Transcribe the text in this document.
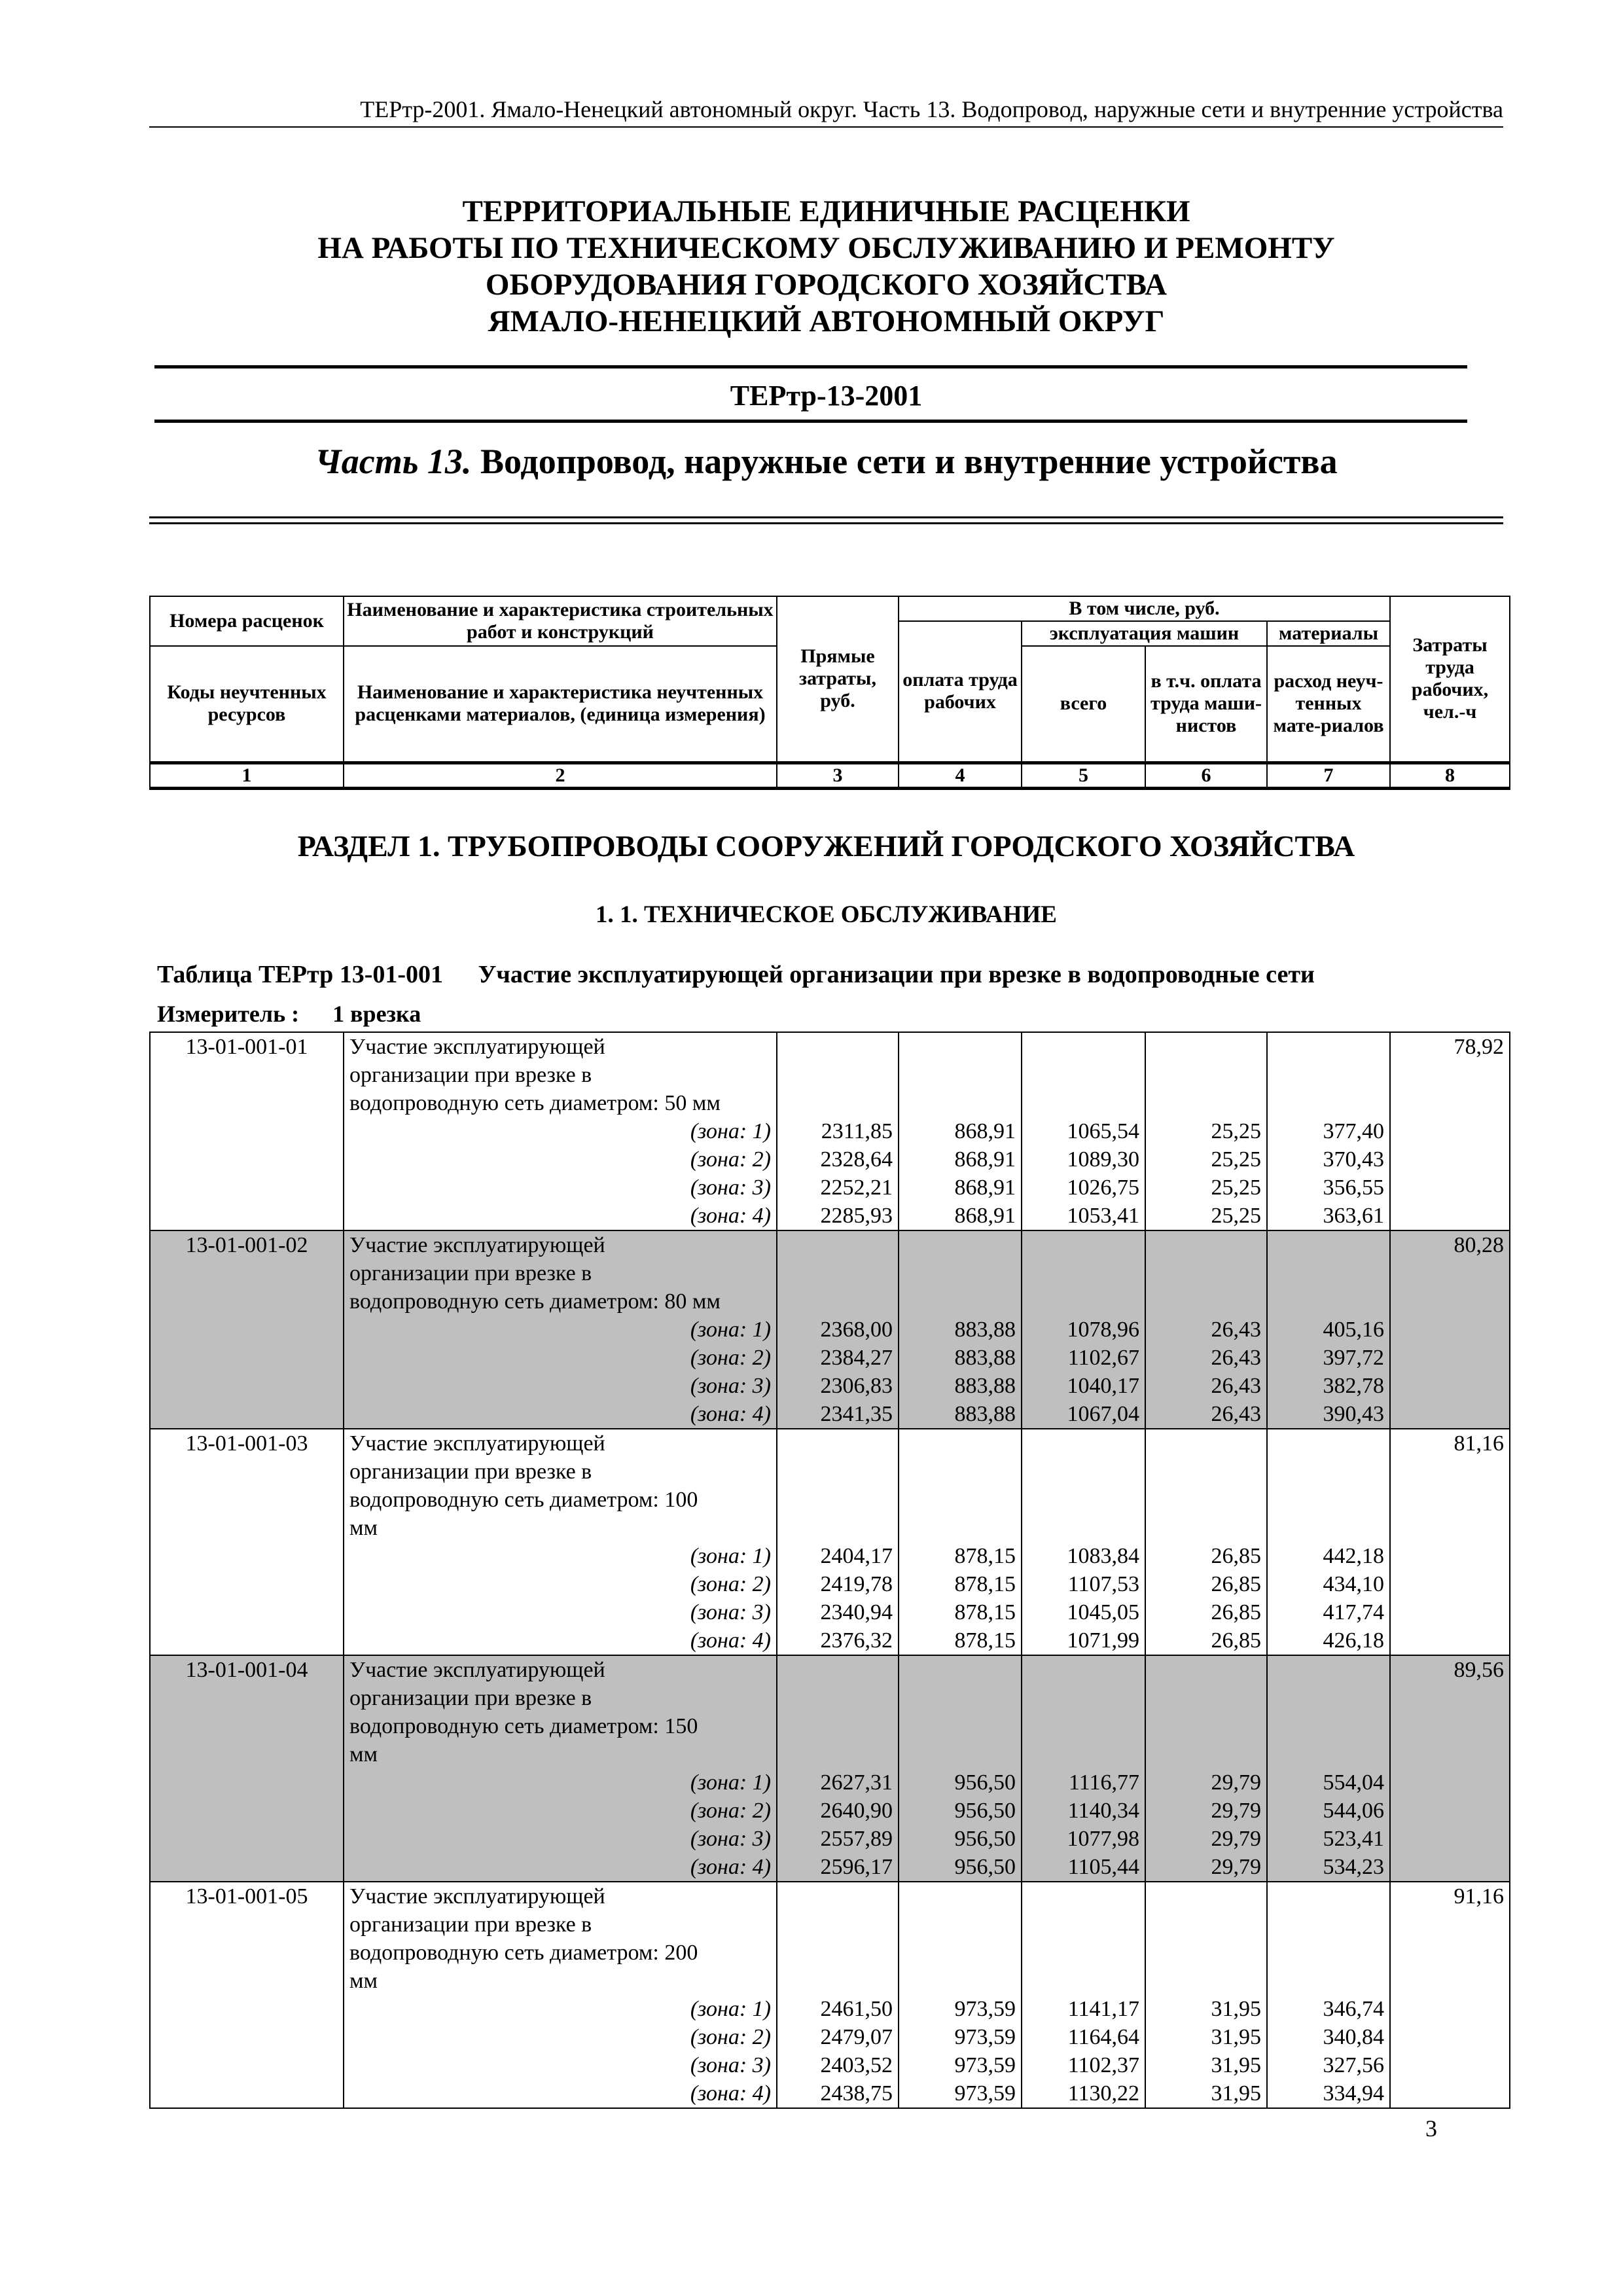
ТЕРтр-2001. Ямало-Ненецкий автономный округ. Часть 13. Водопровод, наружные сети и внутренние устройства
ТЕРРИТОРИАЛЬНЫЕ ЕДИНИЧНЫЕ РАСЦЕНКИ
НА РАБОТЫ ПО ТЕХНИЧЕСКОМУ ОБСЛУЖИВАНИЮ И РЕМОНТУ
ОБОРУДОВАНИЯ ГОРОДСКОГО ХОЗЯЙСТВА
ЯМАЛО-НЕНЕЦКИЙ АВТОНОМНЫЙ ОКРУГ
ТЕРтр-13-2001
Часть 13. Водопровод, наружные сети и внутренние устройства
Номера расценок	Наименование и характеристика строительных работ и конструкций	Прямые затраты, руб.	В том числе, руб.				Затраты труда рабочих, чел.-ч
			оплата труда рабочих	эксплуатация машин		материалы	
Коды неучтенных ресурсов	Наименование и характеристика неучтенных расценками материалов, (единица измерения)			всего	в т.ч. оплата труда маши-нистов	расход неуч-тенных мате-риалов	

1	2	3	4	5	6	7	8
РАЗДЕЛ 1. ТРУБОПРОВОДЫ СООРУЖЕНИЙ ГОРОДСКОГО ХОЗЯЙСТВА
1. 1. ТЕХНИЧЕСКОЕ ОБСЛУЖИВАНИЕ
Таблица ТЕРтр 13-01-001 Участие эксплуатирующей организации при врезке в водопроводные сети
Измеритель : 1 врезка
13-01-001-01	Участие эксплуатирующей						78,92
	организации при врезке в						
	водопроводную сеть диаметром: 50 мм						
	(зона: 1)	2311,85	868,91	1065,54	25,25	377,40	
	(зона: 2)	2328,64	868,91	1089,30	25,25	370,43	
	(зона: 3)	2252,21	868,91	1026,75	25,25	356,55	
	(зона: 4)	2285,93	868,91	1053,41	25,25	363,61	
13-01-001-02	Участие эксплуатирующей						80,28
	организации при врезке в						
	водопроводную сеть диаметром: 80 мм						
	(зона: 1)	2368,00	883,88	1078,96	26,43	405,16	
	(зона: 2)	2384,27	883,88	1102,67	26,43	397,72	
	(зона: 3)	2306,83	883,88	1040,17	26,43	382,78	
	(зона: 4)	2341,35	883,88	1067,04	26,43	390,43	
13-01-001-03	Участие эксплуатирующей						81,16
	организации при врезке в						
	водопроводную сеть диаметром: 100						
	мм						
	(зона: 1)	2404,17	878,15	1083,84	26,85	442,18	
	(зона: 2)	2419,78	878,15	1107,53	26,85	434,10	
	(зона: 3)	2340,94	878,15	1045,05	26,85	417,74	
	(зона: 4)	2376,32	878,15	1071,99	26,85	426,18	
13-01-001-04	Участие эксплуатирующей						89,56
	организации при врезке в						
	водопроводную сеть диаметром: 150						
	мм						
	(зона: 1)	2627,31	956,50	1116,77	29,79	554,04	
	(зона: 2)	2640,90	956,50	1140,34	29,79	544,06	
	(зона: 3)	2557,89	956,50	1077,98	29,79	523,41	
	(зона: 4)	2596,17	956,50	1105,44	29,79	534,23	
13-01-001-05	Участие эксплуатирующей						91,16
	организации при врезке в						
	водопроводную сеть диаметром: 200						
	мм						
	(зона: 1)	2461,50	973,59	1141,17	31,95	346,74	
	(зона: 2)	2479,07	973,59	1164,64	31,95	340,84	
	(зона: 3)	2403,52	973,59	1102,37	31,95	327,56	
	(зона: 4)	2438,75	973,59	1130,22	31,95	334,94	
3
